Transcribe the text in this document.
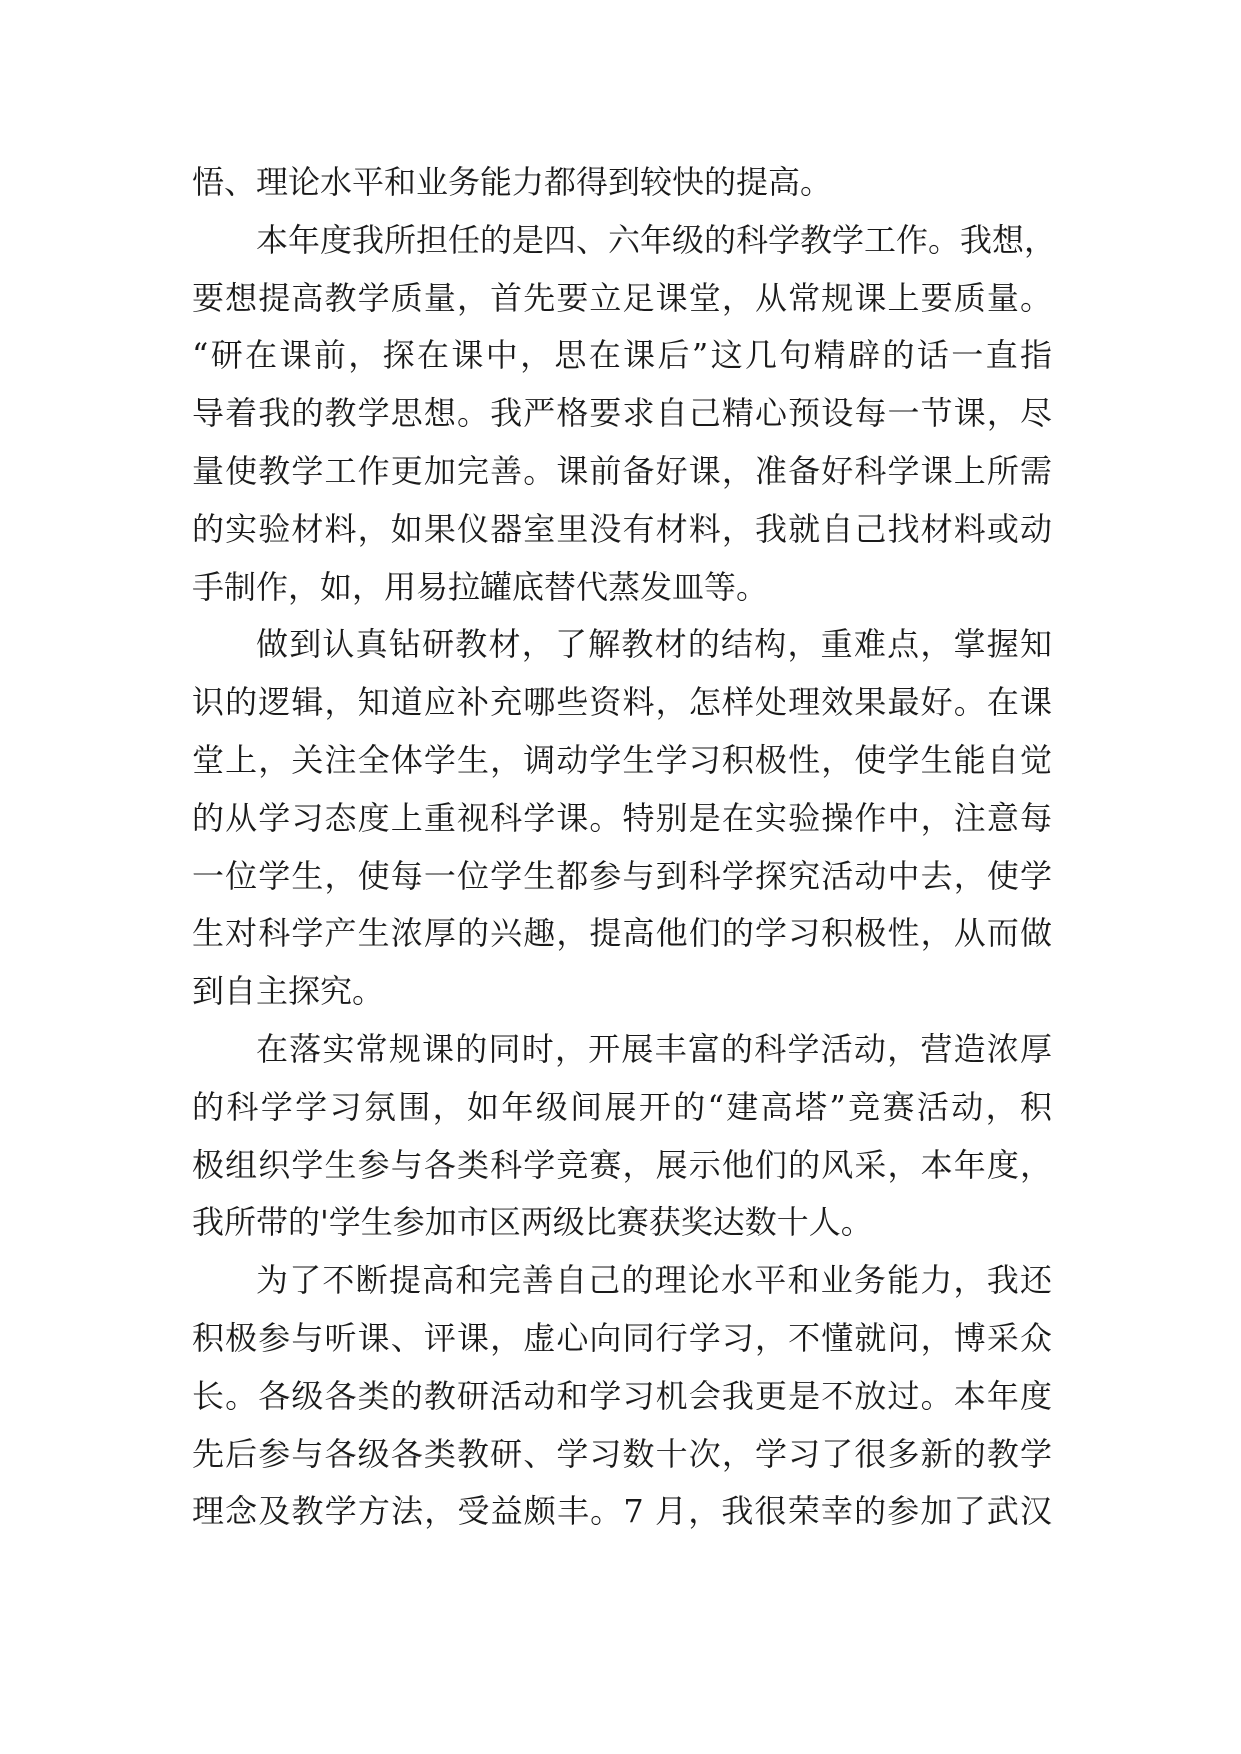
悟、理论水平和业务能力都得到较快的提高。
本年度我所担任的是四、六年级的科学教学工作。我想，
要想提高教学质量，首先要立足课堂，从常规课上要质量。
“研在课前，探在课中，思在课后”这几句精辟的话一直指
导着我的教学思想。我严格要求自己精心预设每一节课，尽
量使教学工作更加完善。课前备好课，准备好科学课上所需
的实验材料，如果仪器室里没有材料，我就自己找材料或动
手制作，如，用易拉罐底替代蒸发皿等。
做到认真钻研教材，了解教材的结构，重难点，掌握知
识的逻辑，知道应补充哪些资料，怎样处理效果最好。在课
堂上，关注全体学生，调动学生学习积极性，使学生能自觉
的从学习态度上重视科学课。特别是在实验操作中，注意每
一位学生，使每一位学生都参与到科学探究活动中去，使学
生对科学产生浓厚的兴趣，提高他们的学习积极性，从而做
到自主探究。
在落实常规课的同时，开展丰富的科学活动，营造浓厚
的科学学习氛围，如年级间展开的“建高塔”竞赛活动，积
极组织学生参与各类科学竞赛，展示他们的风采，本年度，
我所带的'学生参加市区两级比赛获奖达数十人。
为了不断提高和完善自己的理论水平和业务能力，我还
积极参与听课、评课，虚心向同行学习，不懂就问，博采众
长。各级各类的教研活动和学习机会我更是不放过。本年度
先后参与各级各类教研、学习数十次，学习了很多新的教学
理念及教学方法，受益颇丰。7 月，我很荣幸的参加了武汉
